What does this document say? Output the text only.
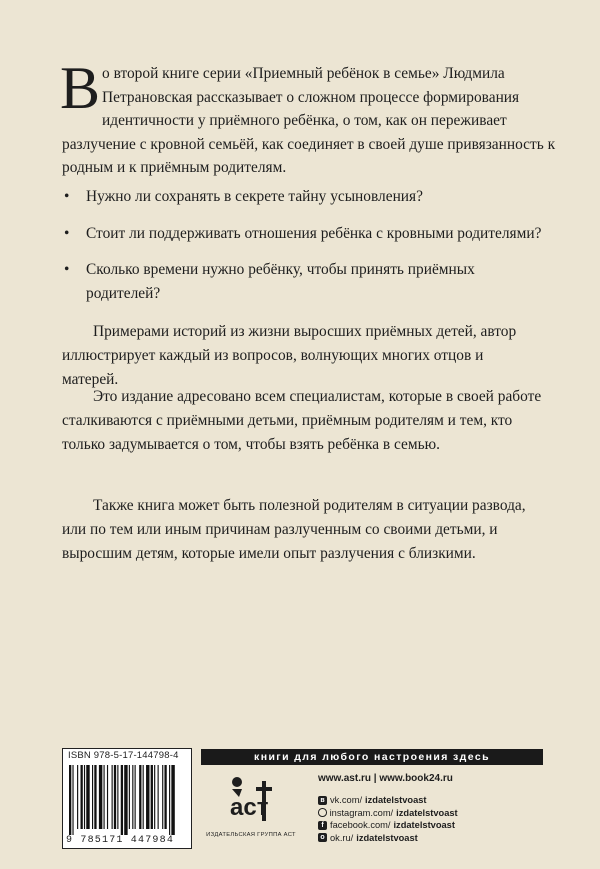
Во второй книге серии «Приемный ребёнок в семье» Людмила Петрановская рассказывает о сложном процессе формирования идентичности у приёмного ребёнка, о том, как он переживает разлучение с кровной семьёй, как соединяет в своей душе привязанность к родным и к приёмным родителям.
• Нужно ли сохранять в секрете тайну усыновления?
• Стоит ли поддерживать отношения ребёнка с кровными родителями?
• Сколько времени нужно ребёнку, чтобы принять приёмных родителей?

Примерами историй из жизни выросших приёмных детей, автор иллюстрирует каждый из вопросов, волнующих многих отцов и матерей.

Это издание адресовано всем специалистам, которые в своей работе сталкиваются с приёмными детьми, приёмным родителям и тем, кто только задумывается о том, чтобы взять ребёнка в семью.

Также книга может быть полезной родителям в ситуации развода, или по тем или иным причинам разлученным со своими детьми, и выросшим детям, которые имели опыт разлучения с близкими.

ISBN 978-5-17-144798-4
9 785171 447984
книги для любого настроения здесь
аст
ИЗДАТЕЛЬСКАЯ ГРУППА АСТ
www.ast.ru | www.book24.ru
в vk.com/ izdatelstvoast
instagram.com/ izdatelstvoast
f facebook.com/ izdatelstvoast
о ok.ru/ izdatelstvoast
